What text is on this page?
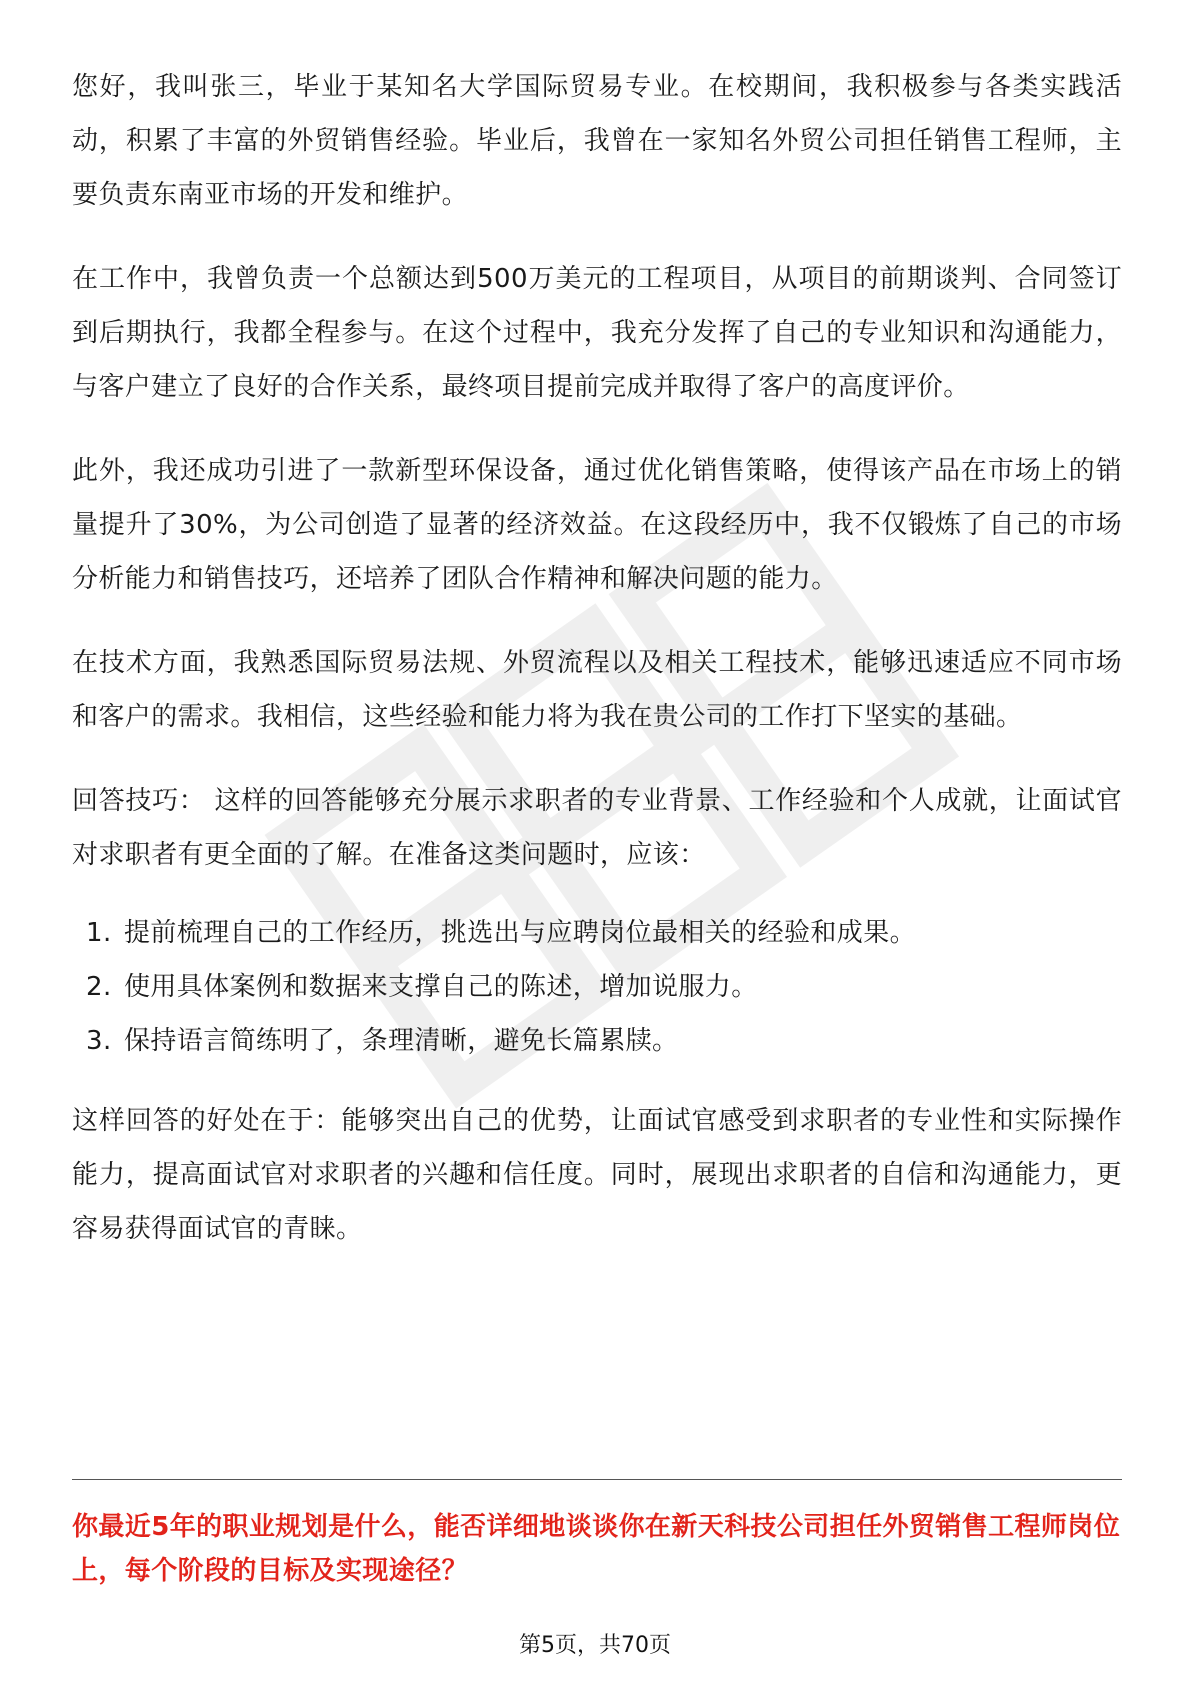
您好，我叫张三，毕业于某知名大学国际贸易专业。在校期间，我积极参与各类实践活动，积累了丰富的外贸销售经验。毕业后，我曾在一家知名外贸公司担任销售工程师，主要负责东南亚市场的开发和维护。

在工作中，我曾负责一个总额达到500万美元的工程项目，从项目的前期谈判、合同签订到后期执行，我都全程参与。在这个过程中，我充分发挥了自己的专业知识和沟通能力，与客户建立了良好的合作关系，最终项目提前完成并取得了客户的高度评价。

此外，我还成功引进了一款新型环保设备，通过优化销售策略，使得该产品在市场上的销量提升了30%，为公司创造了显著的经济效益。在这段经历中，我不仅锻炼了自己的市场分析能力和销售技巧，还培养了团队合作精神和解决问题的能力。

在技术方面，我熟悉国际贸易法规、外贸流程以及相关工程技术，能够迅速适应不同市场和客户的需求。我相信，这些经验和能力将为我在贵公司的工作打下坚实的基础。

回答技巧： 这样的回答能够充分展示求职者的专业背景、工作经验和个人成就，让面试官对求职者有更全面的了解。在准备这类问题时，应该：

1. 提前梳理自己的工作经历，挑选出与应聘岗位最相关的经验和成果。
2. 使用具体案例和数据来支撑自己的陈述，增加说服力。
3. 保持语言简练明了，条理清晰，避免长篇累牍。

这样回答的好处在于：能够突出自己的优势，让面试官感受到求职者的专业性和实际操作能力，提高面试官对求职者的兴趣和信任度。同时，展现出求职者的自信和沟通能力，更容易获得面试官的青睐。

你最近5年的职业规划是什么，能否详细地谈谈你在新天科技公司担任外贸销售工程师岗位上，每个阶段的目标及实现途径？
第5页，共70页
